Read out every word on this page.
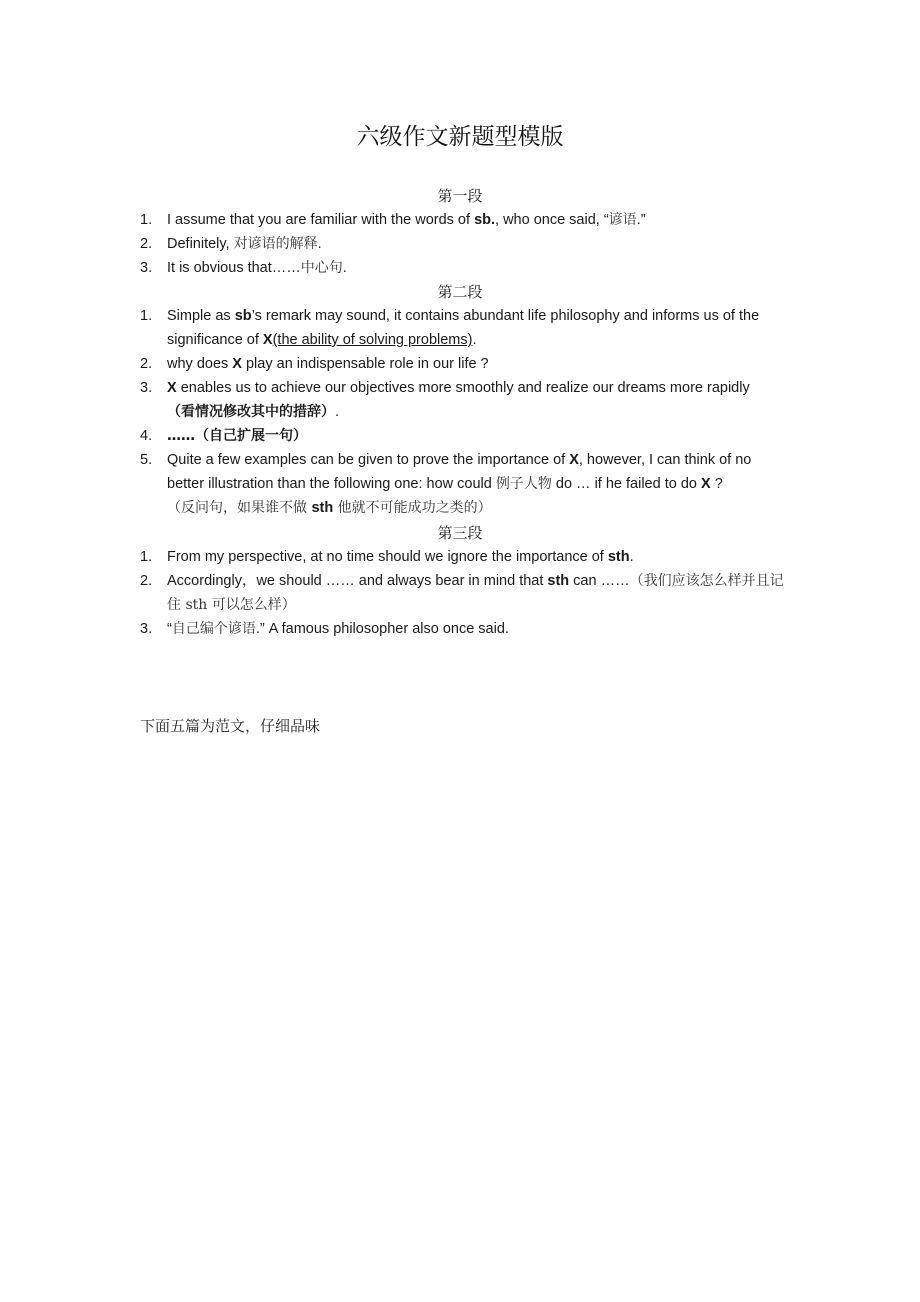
六级作文新题型模版
第一段
1. I assume that you are familiar with the words of sb., who once said, “谚语.”
2. Definitely, 对谚语的解释.
3. It is obvious that……中心句.
第二段
1. Simple as sb’s remark may sound, it contains abundant life philosophy and informs us of the significance of X(the ability of solving problems).
2. why does X play an indispensable role in our life ?
3. X enables us to achieve our objectives more smoothly and realize our dreams more rapidly
（看情况修改其中的措辞）.
4. ……（自己扩展一句）
5. Quite a few examples can be given to prove the importance of X, however, I can think of no better illustration than the following one: how could 例子人物 do … if he failed to do X ?
（反问句，如果谁不做 sth 他就不可能成功之类的）
第三段
1. From my perspective, at no time should we ignore the importance of sth.
2. Accordingly，we should …… and always bear in mind that sth can ……（我们应该怎么样并且记住 sth 可以怎么样）
3. “自己编个谚语.” A famous philosopher also once said.
下面五篇为范文，仔细品味
